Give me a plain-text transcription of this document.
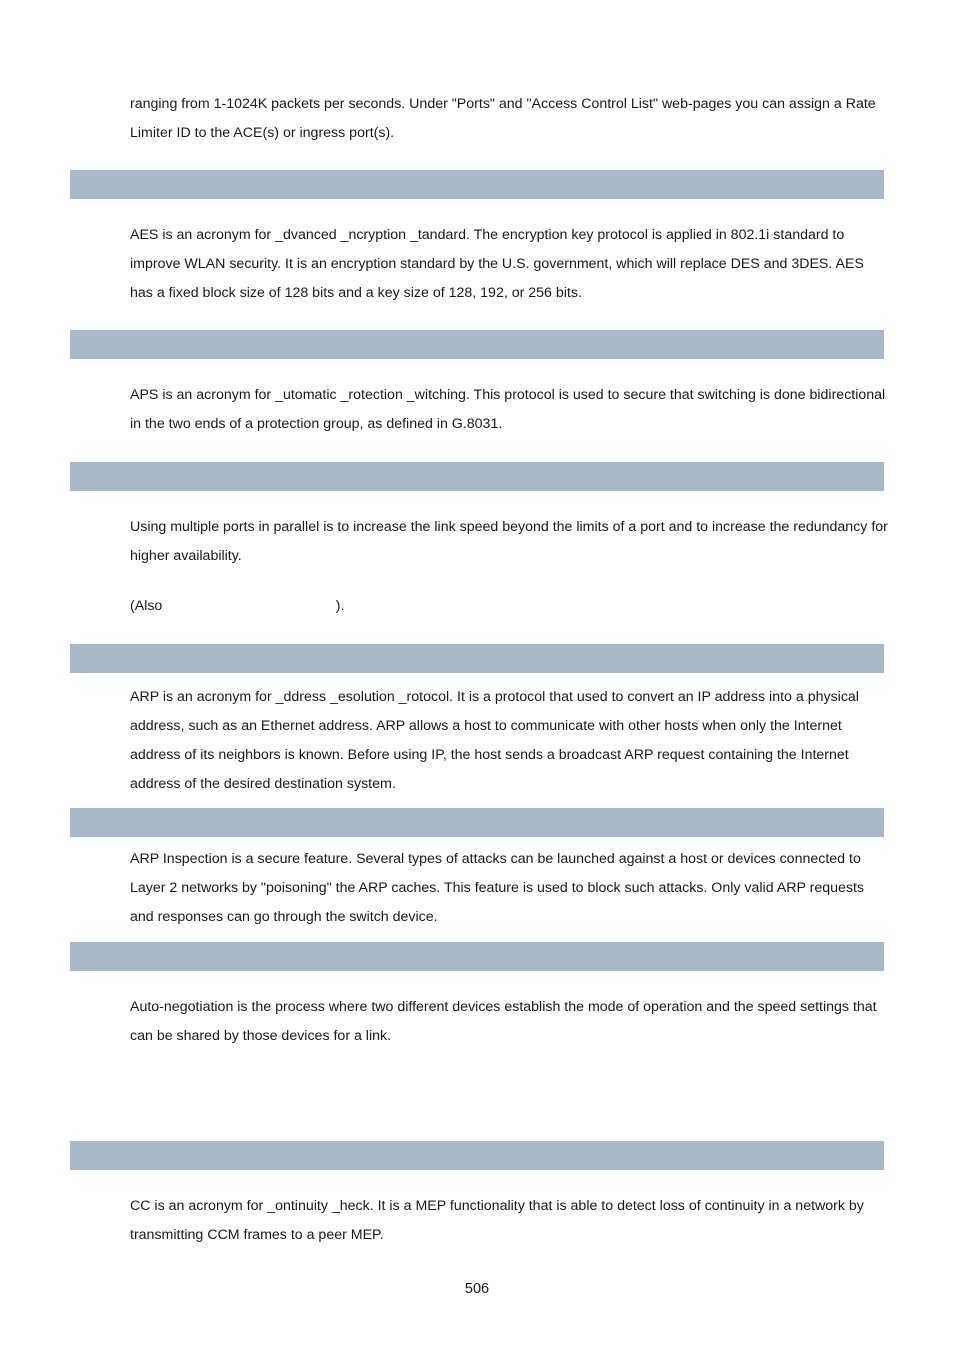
ranging from 1-1024K packets per seconds. Under "Ports" and "Access Control List" web-pages you can assign a Rate Limiter ID to the ACE(s) or ingress port(s).

AES is an acronym for _dvanced _ncryption _tandard. The encryption key protocol is applied in 802.1i standard to improve WLAN security. It is an encryption standard by the U.S. government, which will replace DES and 3DES. AES has a fixed block size of 128 bits and a key size of 128, 192, or 256 bits.

APS is an acronym for _utomatic _rotection _witching. This protocol is used to secure that switching is done bidirectional in the two ends of a protection group, as defined in G.8031.

Using multiple ports in parallel is to increase the link speed beyond the limits of a port and to increase the redundancy for higher availability.

(Also                                            ).

ARP is an acronym for _ddress _esolution _rotocol. It is a protocol that used to convert an IP address into a physical address, such as an Ethernet address. ARP allows a host to communicate with other hosts when only the Internet address of its neighbors is known. Before using IP, the host sends a broadcast ARP request containing the Internet address of the desired destination system.

ARP Inspection is a secure feature. Several types of attacks can be launched against a host or devices connected to Layer 2 networks by "poisoning" the ARP caches. This feature is used to block such attacks. Only valid ARP requests and responses can go through the switch device.

Auto-negotiation is the process where two different devices establish the mode of operation and the speed settings that can be shared by those devices for a link.

CC is an acronym for _ontinuity _heck. It is a MEP functionality that is able to detect loss of continuity in a network by transmitting CCM frames to a peer MEP.

506
